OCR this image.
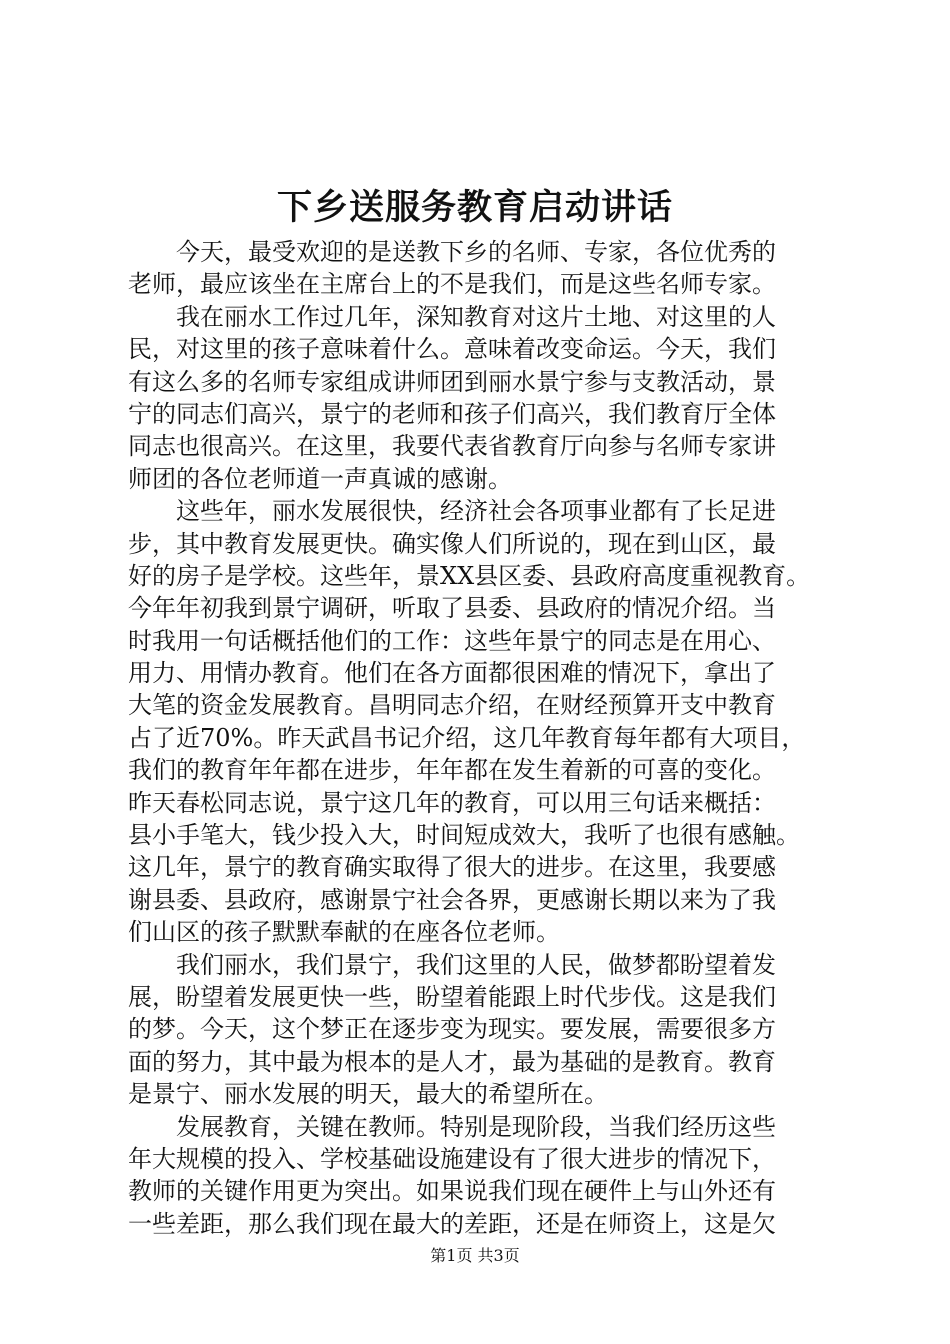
下乡送服务教育启动讲话
今天，最受欢迎的是送教下乡的名师、专家，各位优秀的
老师，最应该坐在主席台上的不是我们，而是这些名师专家。
我在丽水工作过几年，深知教育对这片土地、对这里的人
民，对这里的孩子意味着什么。意味着改变命运。今天，我们
有这么多的名师专家组成讲师团到丽水景宁参与支教活动，景
宁的同志们高兴，景宁的老师和孩子们高兴，我们教育厅全体
同志也很高兴。在这里，我要代表省教育厅向参与名师专家讲
师团的各位老师道一声真诚的感谢。
这些年，丽水发展很快，经济社会各项事业都有了长足进
步，其中教育发展更快。确实像人们所说的，现在到山区，最
好的房子是学校。这些年，景XX县区委、县政府高度重视教育。
今年年初我到景宁调研，听取了县委、县政府的情况介绍。当
时我用一句话概括他们的工作：这些年景宁的同志是在用心、
用力、用情办教育。他们在各方面都很困难的情况下，拿出了
大笔的资金发展教育。昌明同志介绍，在财经预算开支中教育
占了近70%。昨天武昌书记介绍，这几年教育每年都有大项目，
我们的教育年年都在进步，年年都在发生着新的可喜的变化。
昨天春松同志说，景宁这几年的教育，可以用三句话来概括：
县小手笔大，钱少投入大，时间短成效大，我听了也很有感触。
这几年，景宁的教育确实取得了很大的进步。在这里，我要感
谢县委、县政府，感谢景宁社会各界，更感谢长期以来为了我
们山区的孩子默默奉献的在座各位老师。
我们丽水，我们景宁，我们这里的人民，做梦都盼望着发
展，盼望着发展更快一些，盼望着能跟上时代步伐。这是我们
的梦。今天，这个梦正在逐步变为现实。要发展，需要很多方
面的努力，其中最为根本的是人才，最为基础的是教育。教育
是景宁、丽水发展的明天，最大的希望所在。
发展教育，关键在教师。特别是现阶段，当我们经历这些
年大规模的投入、学校基础设施建设有了很大进步的情况下，
教师的关键作用更为突出。如果说我们现在硬件上与山外还有
一些差距，那么我们现在最大的差距，还是在师资上，这是欠
第1页 共3页
